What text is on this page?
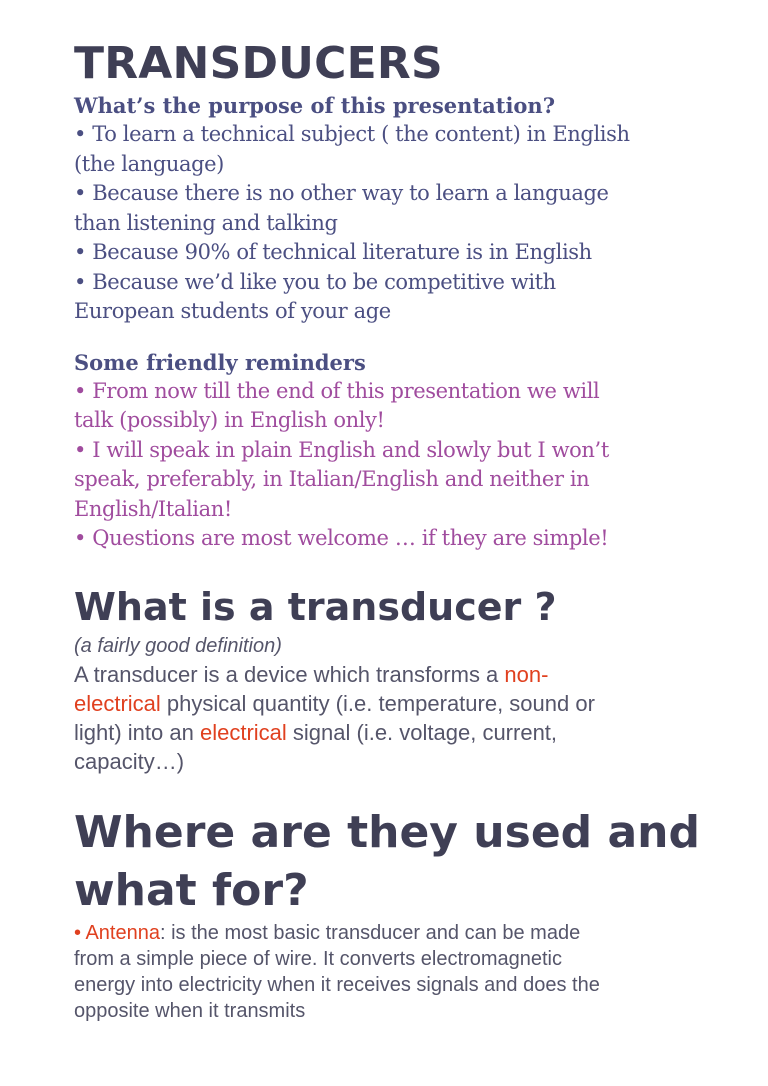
TRANSDUCERS

What’s the purpose of this presentation?

• To learn a technical subject ( the content) in English

(the language)

• Because there is no other way to learn a language

than listening and talking

• Because 90% of technical literature is in English

• Because we’d like you to be competitive with

European students of your age

Some friendly reminders

• From now till the end of this presentation we will

talk (possibly) in English only!

• I will speak in plain English and slowly but I won’t

speak, preferably, in Italian/English and neither in

English/Italian!

• Questions are most welcome … if they are simple!

What is a transducer ?

(a fairly good definition)

A transducer is a device which transforms a non-

electrical physical quantity (i.e. temperature, sound or

light) into an electrical signal (i.e. voltage, current,

capacity…)

Where are they used and
what for?

• Antenna: is the most basic transducer and can be made

from a simple piece of wire. It converts electromagnetic

energy into electricity when it receives signals and does the

opposite when it transmits
